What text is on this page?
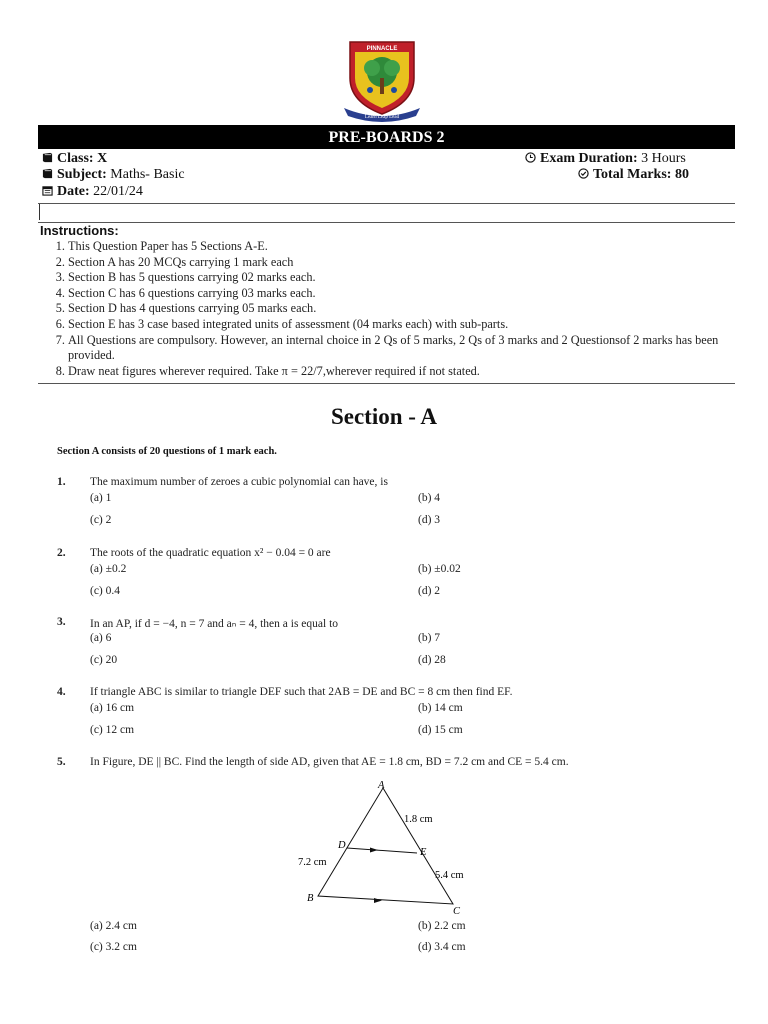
PINNACLE
Learn Leap Lead
PRE-BOARDS 2
Class: X
Subject: Maths- Basic
Date: 22/01/24
Exam Duration: 3 Hours
Total Marks: 80
Instructions:
1. This Question Paper has 5 Sections A-E.
2. Section A has 20 MCQs carrying 1 mark each
3. Section B has 5 questions carrying 02 marks each.
4. Section C has 6 questions carrying 03 marks each.
5. Section D has 4 questions carrying 05 marks each.
6. Section E has 3 case based integrated units of assessment (04 marks each) with sub-parts.
7. All Questions are compulsory. However, an internal choice in 2 Qs of 5 marks, 2 Qs of 3 marks and 2 Questionsof 2 marks has been provided.
8. Draw neat figures wherever required. Take π = 22/7,wherever required if not stated.
Section - A
Section A consists of 20 questions of 1 mark each.
1. The maximum number of zeroes a cubic polynomial can have, is
(a) 1	(b) 4
(c) 2	(d) 3
2. The roots of the quadratic equation x² − 0.04 = 0 are
(a) ±0.2	(b) ±0.02
(c) 0.4	(d) 2
3. In an AP, if d = −4, n = 7 and aₙ = 4, then a is equal to
(a) 6	(b) 7
(c) 20	(d) 28
4. If triangle ABC is similar to triangle DEF such that 2AB = DE and BC = 8 cm then find EF.
(a) 16 cm	(b) 14 cm
(c) 12 cm	(d) 15 cm
5. In Figure, DE || BC. Find the length of side AD, given that AE = 1.8 cm, BD = 7.2 cm and CE = 5.4 cm.
A
B
C
D
E
1.8 cm
7.2 cm
5.4 cm
(a) 2.4 cm	(b) 2.2 cm
(c) 3.2 cm	(d) 3.4 cm
